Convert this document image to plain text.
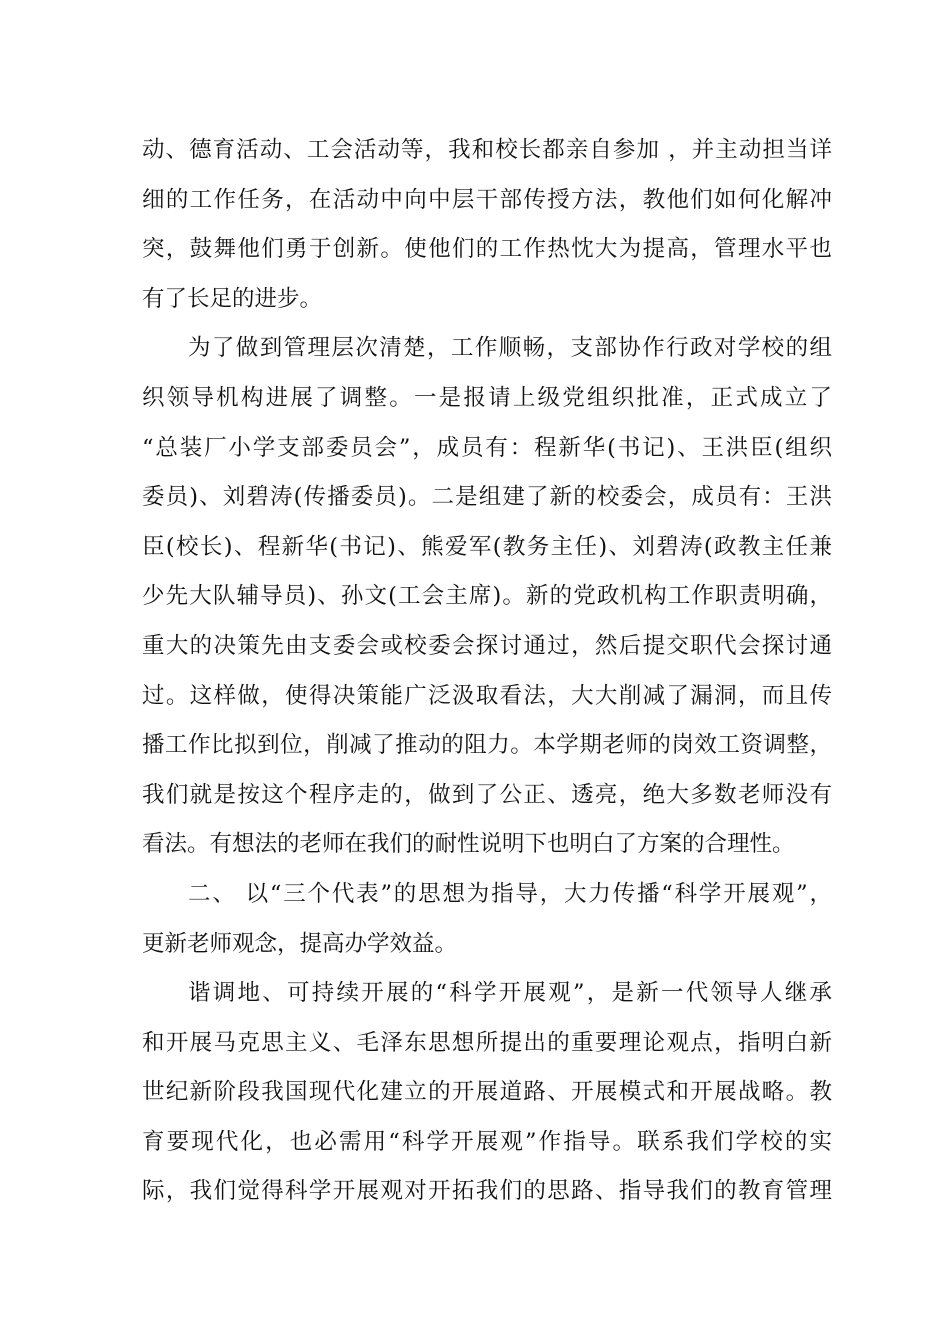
动、德育活动、工会活动等，我和校长都亲自参加 ，并主动担当详
细的工作任务，在活动中向中层干部传授方法，教他们如何化解冲
突，鼓舞他们勇于创新。使他们的工作热忱大为提高，管理水平也
有了长足的进步。
为了做到管理层次清楚，工作顺畅，支部协作行政对学校的组
织领导机构进展了调整。一是报请上级党组织批准，正式成立了
“总装厂小学支部委员会”，成员有：程新华(书记)、王洪臣(组织
委员)、刘碧涛(传播委员)。二是组建了新的校委会，成员有：王洪
臣(校长)、程新华(书记)、熊爱军(教务主任)、刘碧涛(政教主任兼
少先大队辅导员)、孙文(工会主席)。新的党政机构工作职责明确，
重大的决策先由支委会或校委会探讨通过，然后提交职代会探讨通
过。这样做，使得决策能广泛汲取看法，大大削减了漏洞，而且传
播工作比拟到位，削减了推动的阻力。本学期老师的岗效工资调整，
我们就是按这个程序走的，做到了公正、透亮，绝大多数老师没有
看法。有想法的老师在我们的耐性说明下也明白了方案的合理性。
二、 以“三个代表”的思想为指导，大力传播“科学开展观”，
更新老师观念，提高办学效益。
谐调地、可持续开展的“科学开展观”，是新一代领导人继承
和开展马克思主义、毛泽东思想所提出的重要理论观点，指明白新
世纪新阶段我国现代化建立的开展道路、开展模式和开展战略。教
育要现代化，也必需用“科学开展观”作指导。联系我们学校的实
际，我们觉得科学开展观对开拓我们的思路、指导我们的教育管理
